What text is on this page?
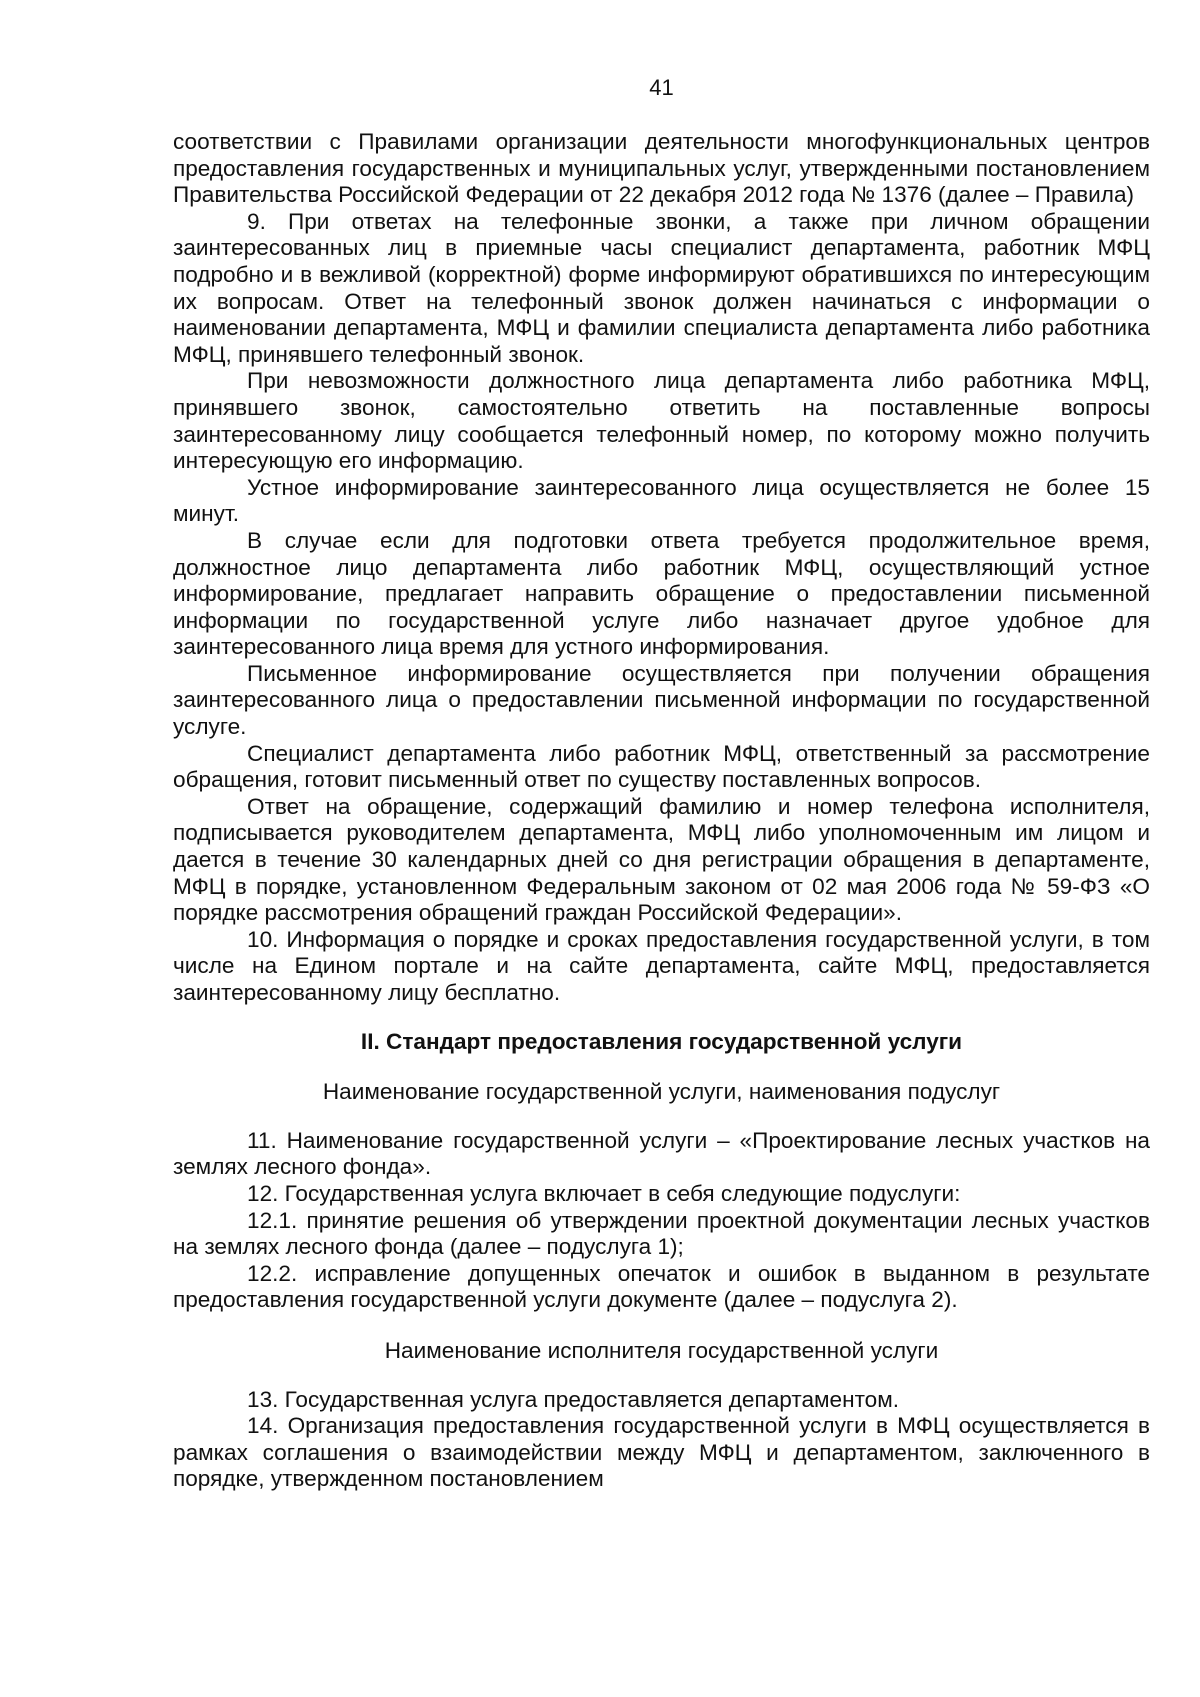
41

соответствии с Правилами организации деятельности многофункциональных центров предоставления государственных и муниципальных услуг, утвержденными постановлением Правительства Российской Федерации от 22 декабря 2012 года № 1376 (далее – Правила)

9. При ответах на телефонные звонки, а также при личном обращении заинтересованных лиц в приемные часы специалист департамента, работник МФЦ подробно и в вежливой (корректной) форме информируют обратившихся по интересующим их вопросам. Ответ на телефонный звонок должен начинаться с информации о наименовании департамента, МФЦ и фамилии специалиста департамента либо работника МФЦ, принявшего телефонный звонок.

При невозможности должностного лица департамента либо работника МФЦ, принявшего звонок, самостоятельно ответить на поставленные вопросы заинтересованному лицу сообщается телефонный номер, по которому можно получить интересующую его информацию.

Устное информирование заинтересованного лица осуществляется не более 15 минут.

В случае если для подготовки ответа требуется продолжительное время, должностное лицо департамента либо работник МФЦ, осуществляющий устное информирование, предлагает направить обращение о предоставлении письменной информации по государственной услуге либо назначает другое удобное для заинтересованного лица время для устного информирования.

Письменное информирование осуществляется при получении обращения заинтересованного лица о предоставлении письменной информации по государственной услуге.

Специалист департамента либо работник МФЦ, ответственный за рассмотрение обращения, готовит письменный ответ по существу поставленных вопросов.

Ответ на обращение, содержащий фамилию и номер телефона исполнителя, подписывается руководителем департамента, МФЦ либо уполномоченным им лицом и дается в течение 30 календарных дней со дня регистрации обращения в департаменте, МФЦ в порядке, установленном Федеральным законом от 02 мая 2006 года № 59-ФЗ «О порядке рассмотрения обращений граждан Российской Федерации».

10. Информация о порядке и сроках предоставления государственной услуги, в том числе на Едином портале и на сайте департамента, сайте МФЦ, предоставляется заинтересованному лицу бесплатно.

II. Стандарт предоставления государственной услуги

Наименование государственной услуги, наименования подуслуг

11. Наименование государственной услуги – «Проектирование лесных участков на землях лесного фонда».

12. Государственная услуга включает в себя следующие подуслуги:

12.1. принятие решения об утверждении проектной документации лесных участков на землях лесного фонда (далее – подуслуга 1);

12.2. исправление допущенных опечаток и ошибок в выданном в результате предоставления государственной услуги документе (далее – подуслуга 2).

Наименование исполнителя государственной услуги

13. Государственная услуга предоставляется департаментом.

14. Организация предоставления государственной услуги в МФЦ осуществляется в рамках соглашения о взаимодействии между МФЦ и департаментом, заключенного в порядке, утвержденном постановлением
